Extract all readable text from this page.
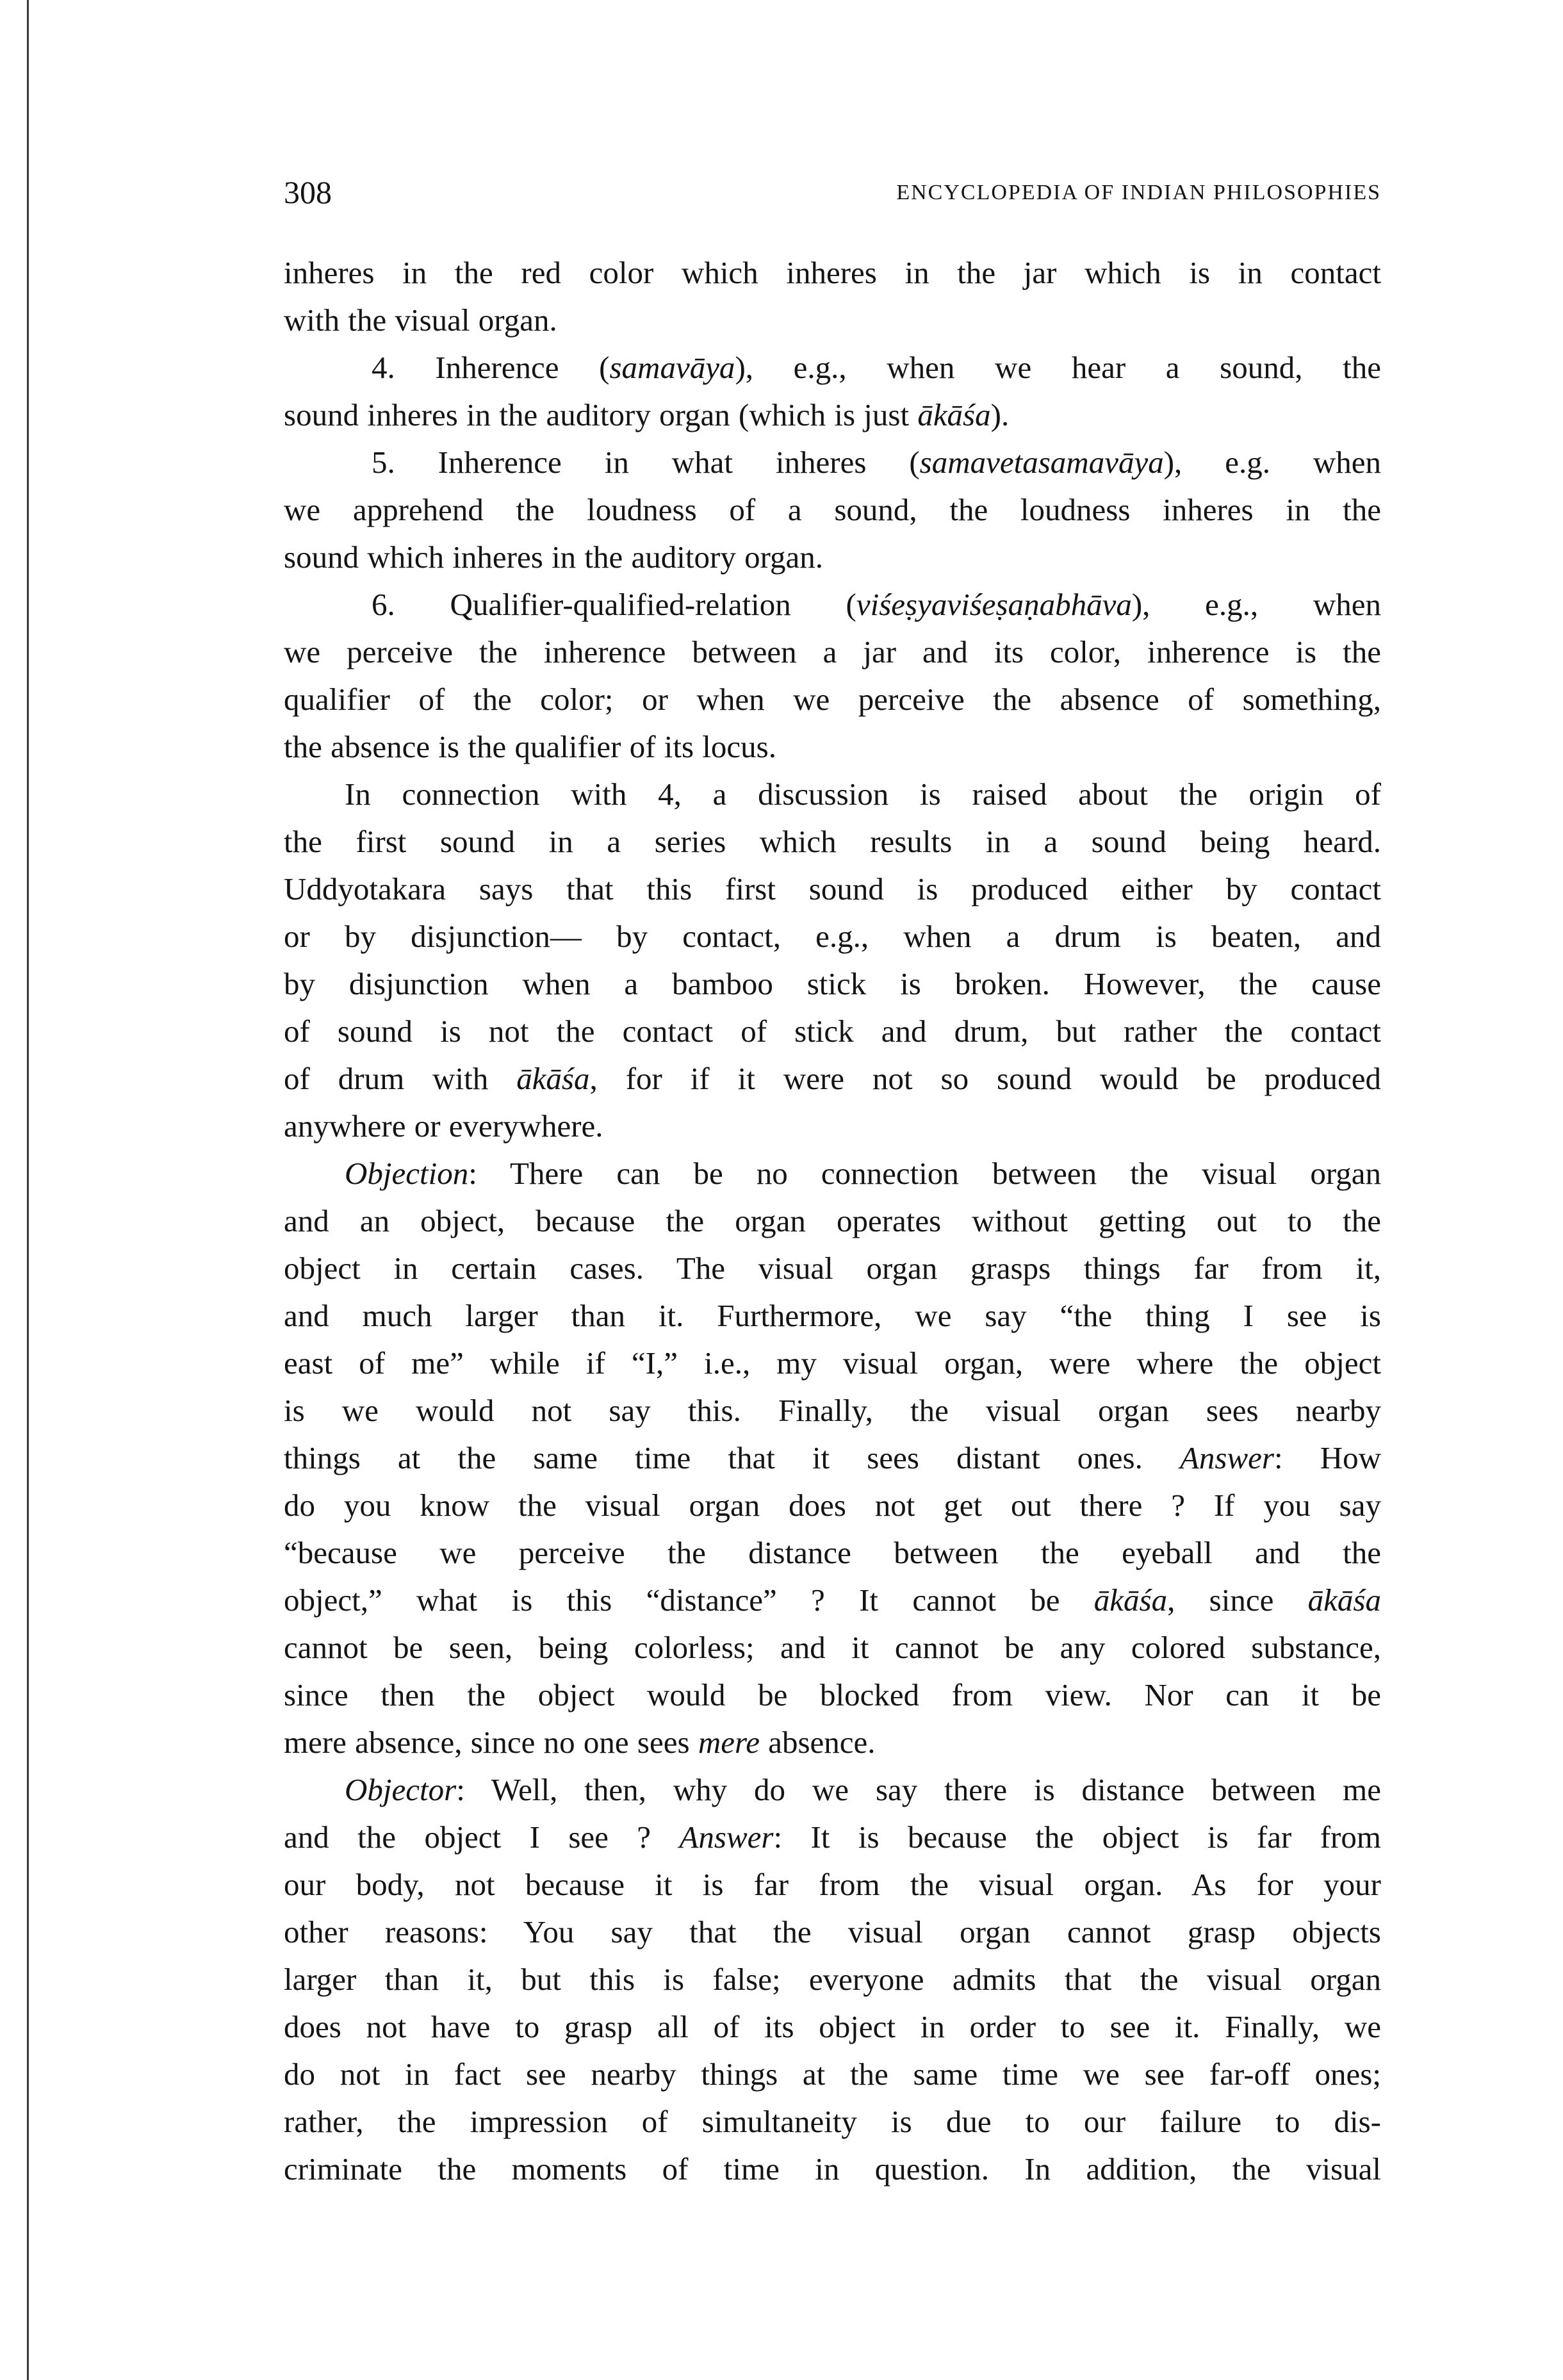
308	ENCYCLOPEDIA OF INDIAN PHILOSOPHIES
inheres in the red color which inheres in the jar which is in contact
with the visual organ.
4. Inherence (samavāya), e.g., when we hear a sound, the
sound inheres in the auditory organ (which is just ākāśa).
5. Inherence in what inheres (samavetasamavāya), e.g. when
we apprehend the loudness of a sound, the loudness inheres in the
sound which inheres in the auditory organ.
6. Qualifier-qualified-relation (viśeṣyaviśeṣaṇabhāva), e.g., when
we perceive the inherence between a jar and its color, inherence is the
qualifier of the color; or when we perceive the absence of something,
the absence is the qualifier of its locus.
In connection with 4, a discussion is raised about the origin of
the first sound in a series which results in a sound being heard.
Uddyotakara says that this first sound is produced either by contact
or by disjunction— by contact, e.g., when a drum is beaten, and
by disjunction when a bamboo stick is broken. However, the cause
of sound is not the contact of stick and drum, but rather the contact
of drum with ākāśa, for if it were not so sound would be produced
anywhere or everywhere.
Objection: There can be no connection between the visual organ
and an object, because the organ operates without getting out to the
object in certain cases. The visual organ grasps things far from it,
and much larger than it. Furthermore, we say “the thing I see is
east of me” while if “I,” i.e., my visual organ, were where the object
is we would not say this. Finally, the visual organ sees nearby
things at the same time that it sees distant ones. Answer: How
do you know the visual organ does not get out there ? If you say
“because we perceive the distance between the eyeball and the
object,” what is this “distance” ? It cannot be ākāśa, since ākāśa
cannot be seen, being colorless; and it cannot be any colored substance,
since then the object would be blocked from view. Nor can it be
mere absence, since no one sees mere absence.
Objector: Well, then, why do we say there is distance between me
and the object I see ? Answer: It is because the object is far from
our body, not because it is far from the visual organ. As for your
other reasons: You say that the visual organ cannot grasp objects
larger than it, but this is false; everyone admits that the visual organ
does not have to grasp all of its object in order to see it. Finally, we
do not in fact see nearby things at the same time we see far-off ones;
rather, the impression of simultaneity is due to our failure to dis-
criminate the moments of time in question. In addition, the visual
